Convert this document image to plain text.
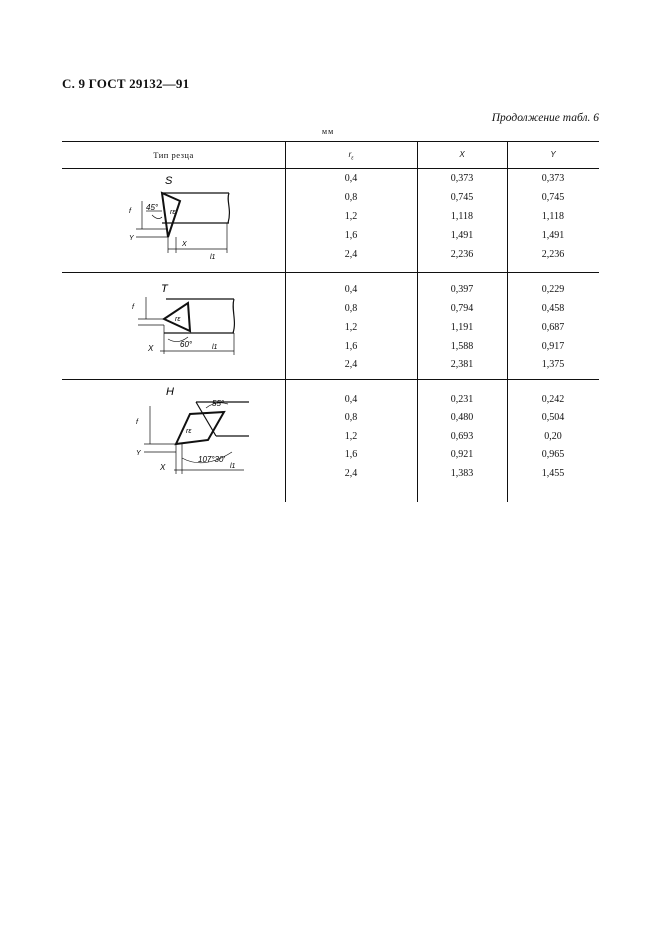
С. 9 ГОСТ 29132—91
Продолжение табл. 6
мм
Тип резца	$r_\varepsilon$	X	Y
S
45°
rε
f
Y
X
l1
0,4	0,373	0,373
0,8	0,745	0,745
1,2	1,118	1,118
1,6	1,491	1,491
2,4	2,236	2,236
T
rε
60°
f
X	l1
0,4	0,397	0,229
0,8	0,794	0,458
1,2	1,191	0,687
1,6	1,588	0,917
2,4	2,381	1,375
H
55°
rε
107°30′
f
Y
X	l1
0,4	0,231	0,242
0,8	0,480	0,504
1,2	0,693	0,20
1,6	0,921	0,965
2,4	1,383	1,455
